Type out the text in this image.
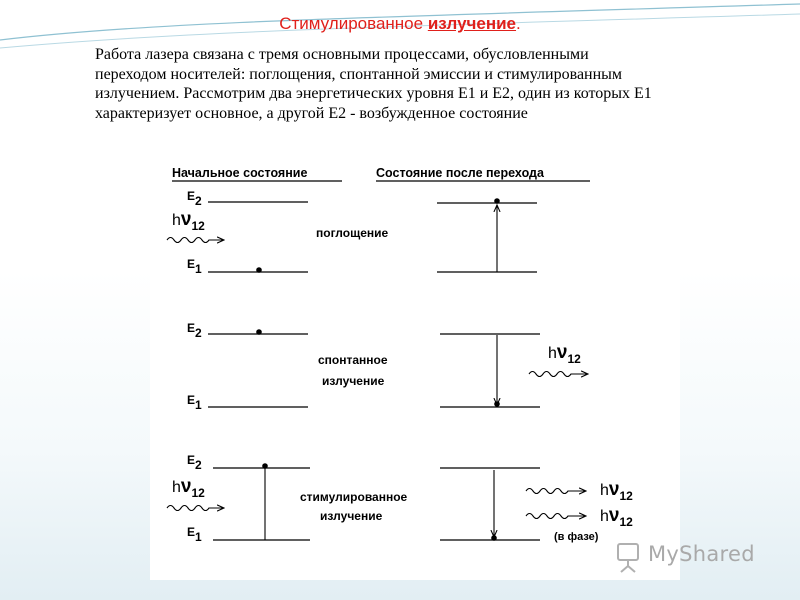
Стимулированное излучение.
Работа лазера связана с тремя основными процессами, обусловленными
переходом носителей: поглощения, спонтанной эмиссии и стимулированным
излучением. Рассмотрим два энергетических уровня Е1 и Е2, один из которых Е1
характеризует основное, а другой Е2 - возбужденное состояние
Начальное состояние	Состояние после перехода
E2
$h\nu_{12}$
E1
поглощение
E2
E1
спонтанное
излучение
$h\nu_{12}$
E2
$h\nu_{12}$
E1
стимулированное
излучение
$h\nu_{12}$
$h\nu_{12}$
(в фазе)
MyShared
